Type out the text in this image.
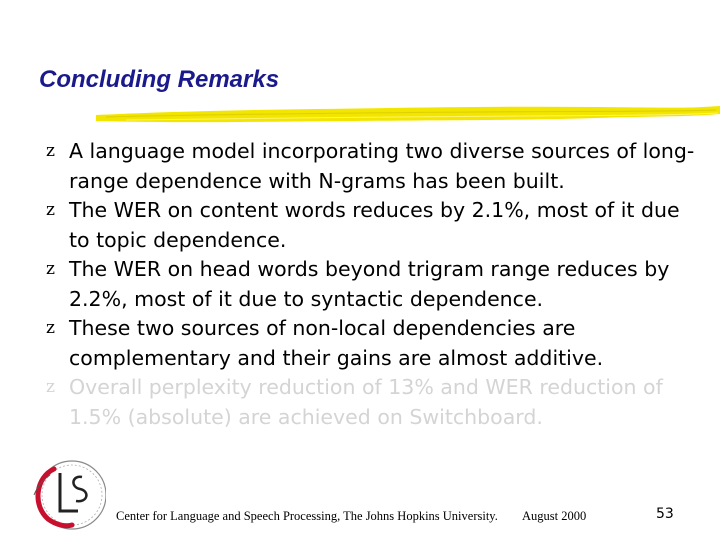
Concluding Remarks
z A language model incorporating two diverse sources of long-range dependence with N-grams has been built.
z The WER on content words reduces by 2.1%, most of it due to topic dependence.
z The WER on head words beyond trigram range reduces by 2.2%, most of it due to syntactic dependence.
z These two sources of non-local dependencies are complementary and their gains are almost additive.
z Overall perplexity reduction of 13% and WER reduction of 1.5% (absolute) are achieved on Switchboard.
Center for Language and Speech Processing, The Johns Hopkins University. August 2000	53
